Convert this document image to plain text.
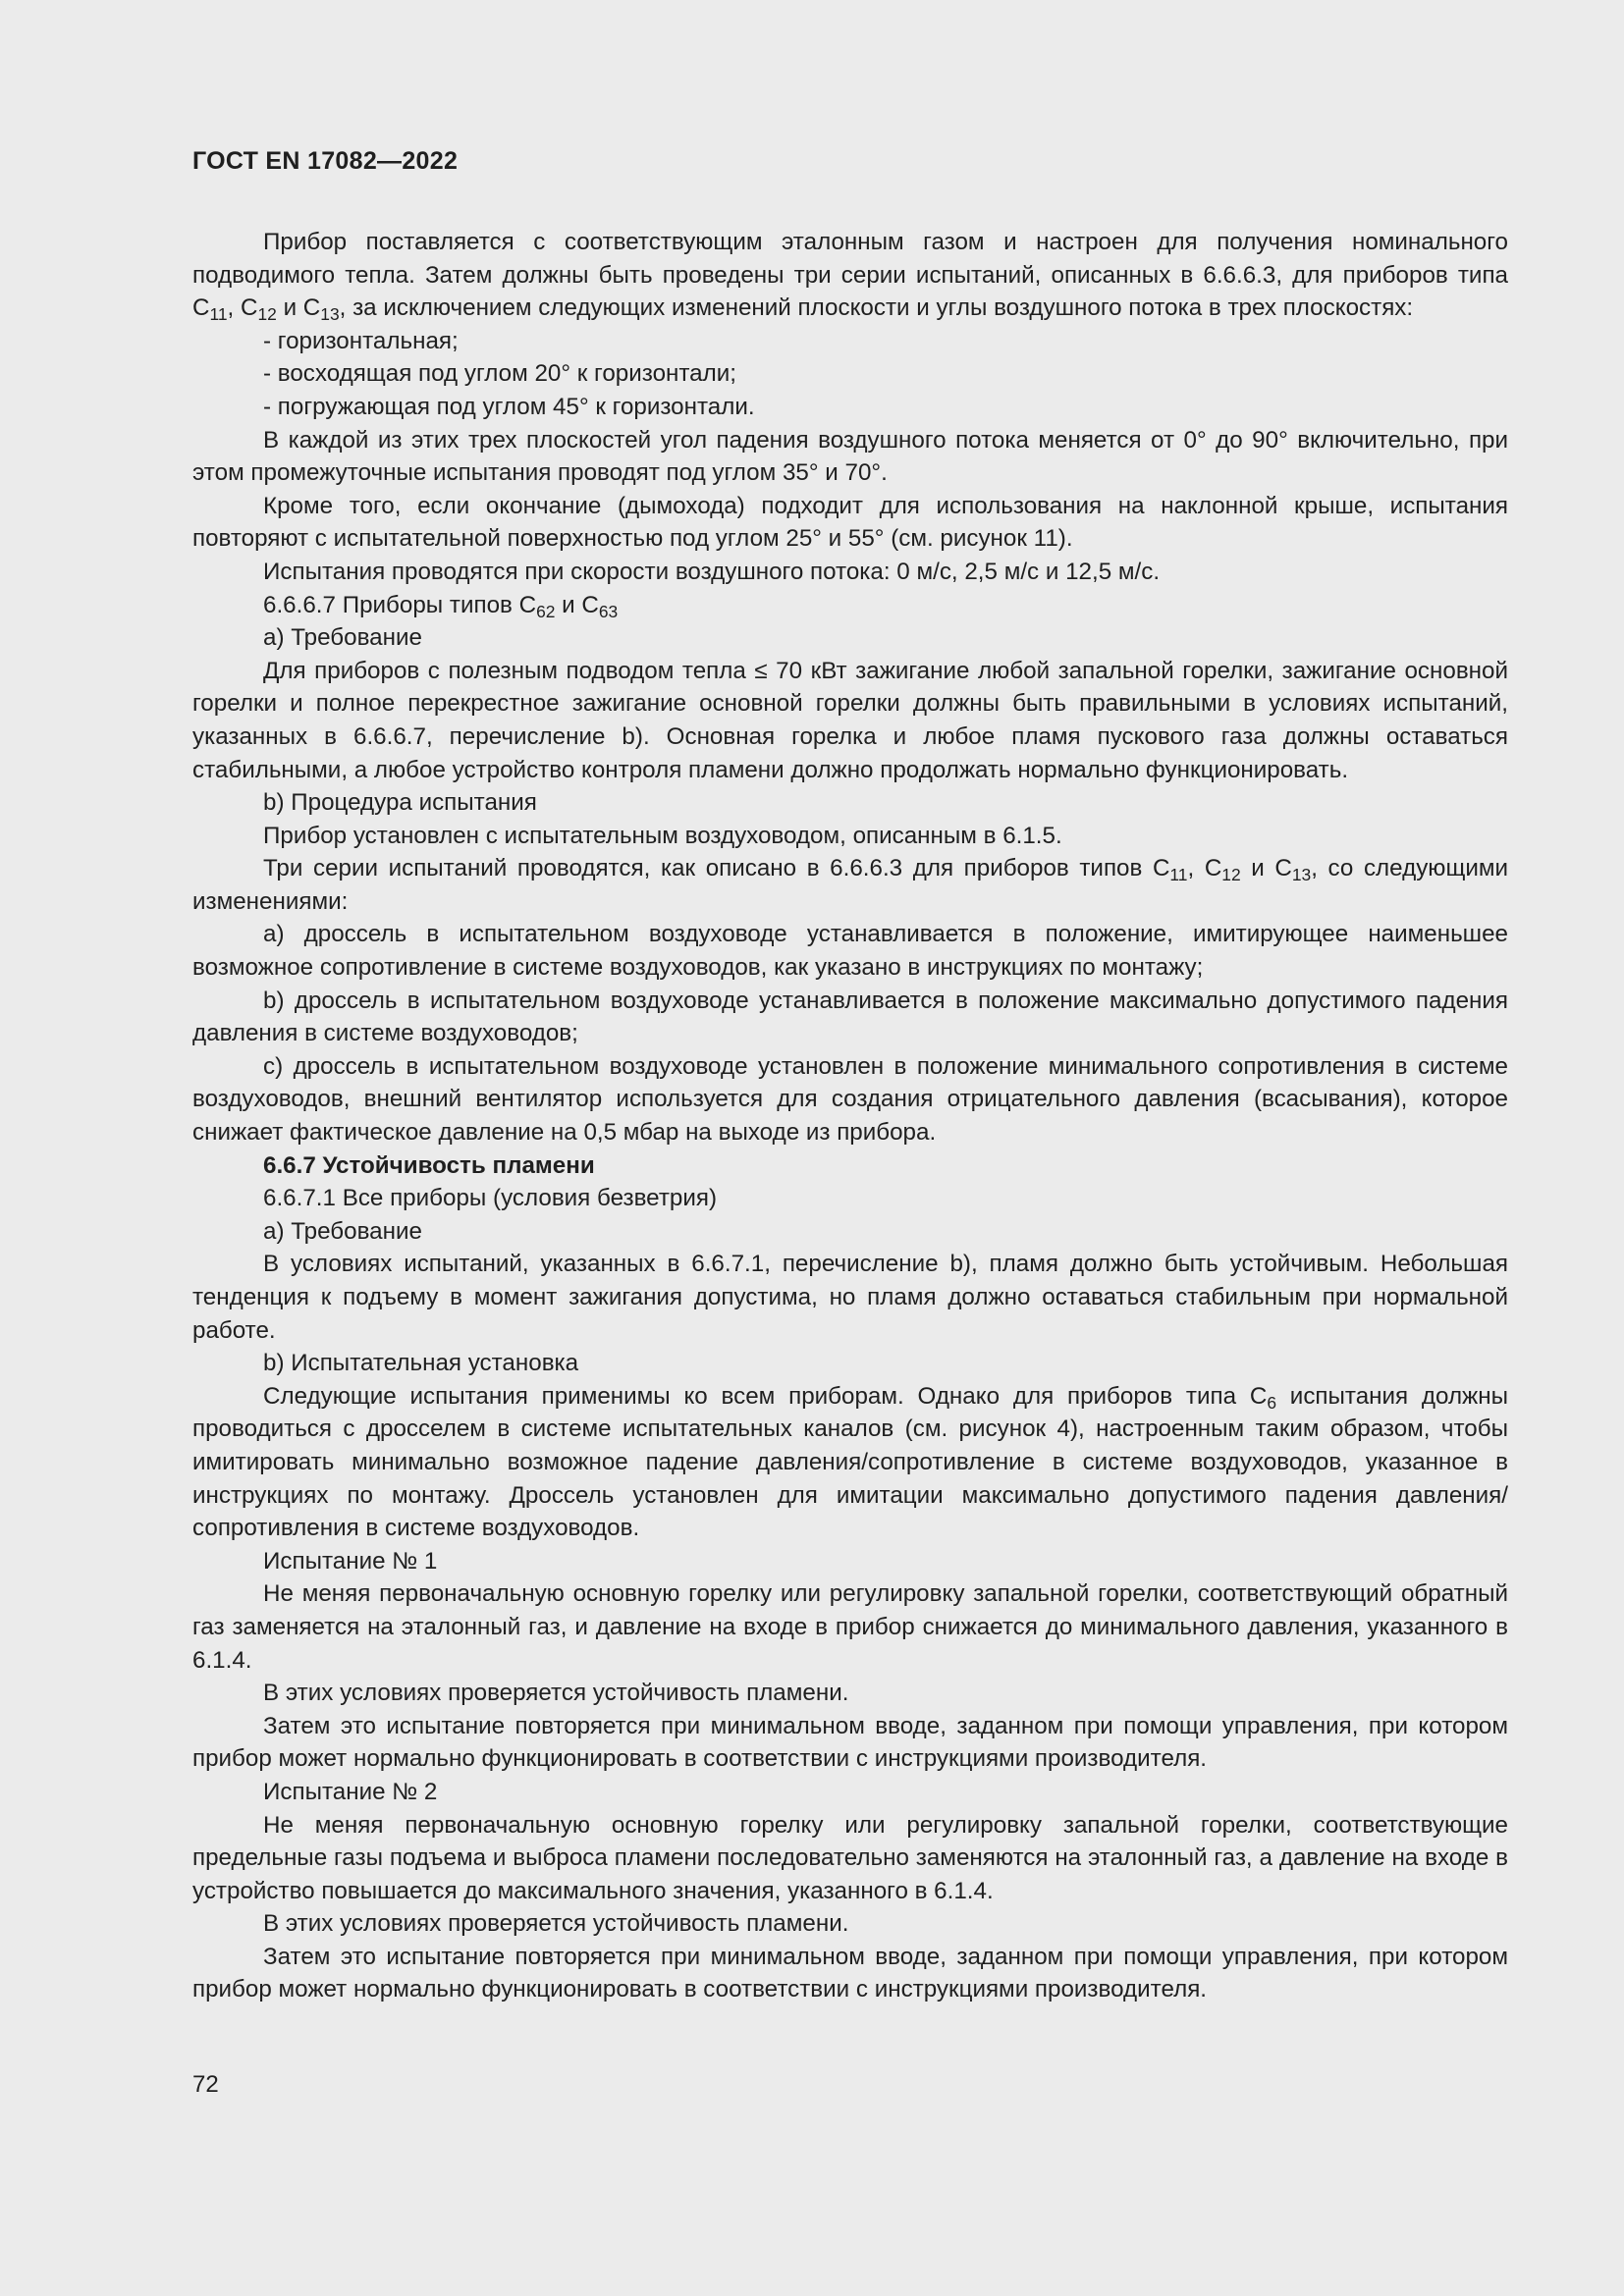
ГОСТ EN 17082—2022

Прибор поставляется с соответствующим эталонным газом и настроен для получения номинального подводимого тепла. Затем должны быть проведены три серии испытаний, описанных в 6.6.6.3, для приборов типа $C_{11}$, $C_{12}$ и $C_{13}$, за исключением следующих изменений плоскости и углы воздушного потока в трех плоскостях:

- горизонтальная;

- восходящая под углом 20° к горизонтали;

- погружающая под углом 45° к горизонтали.

В каждой из этих трех плоскостей угол падения воздушного потока меняется от 0° до 90° включительно, при этом промежуточные испытания проводят под углом 35° и 70°.

Кроме того, если окончание (дымохода) подходит для использования на наклонной крыше, испытания повторяют с испытательной поверхностью под углом 25° и 55° (см. рисунок 11).

Испытания проводятся при скорости воздушного потока: 0 м/с, 2,5 м/с и 12,5 м/с.

6.6.6.7 Приборы типов $C_{62}$ и $C_{63}$

a) Требование

Для приборов с полезным подводом тепла ≤ 70 кВт зажигание любой запальной горелки, зажигание основной горелки и полное перекрестное зажигание основной горелки должны быть правильными в условиях испытаний, указанных в 6.6.6.7, перечисление b). Основная горелка и любое пламя пускового газа должны оставаться стабильными, а любое устройство контроля пламени должно продолжать нормально функционировать.

b) Процедура испытания

Прибор установлен с испытательным воздуховодом, описанным в 6.1.5.

Три серии испытаний проводятся, как описано в 6.6.6.3 для приборов типов $C_{11}$, $C_{12}$ и $C_{13}$, со следующими изменениями:

a) дроссель в испытательном воздуховоде устанавливается в положение, имитирующее наименьшее возможное сопротивление в системе воздуховодов, как указано в инструкциях по монтажу;

b) дроссель в испытательном воздуховоде устанавливается в положение максимально допустимого падения давления в системе воздуховодов;

c) дроссель в испытательном воздуховоде установлен в положение минимального сопротивления в системе воздуховодов, внешний вентилятор используется для создания отрицательного давления (всасывания), которое снижает фактическое давление на 0,5 мбар на выходе из прибора.

6.6.7 Устойчивость пламени

6.6.7.1 Все приборы (условия безветрия)

a) Требование

В условиях испытаний, указанных в 6.6.7.1, перечисление b), пламя должно быть устойчивым. Небольшая тенденция к подъему в момент зажигания допустима, но пламя должно оставаться стабильным при нормальной работе.

b) Испытательная установка

Следующие испытания применимы ко всем приборам. Однако для приборов типа $C_6$ испытания должны проводиться с дросселем в системе испытательных каналов (см. рисунок 4), настроенным таким образом, чтобы имитировать минимально возможное падение давления/сопротивление в системе воздуховодов, указанное в инструкциях по монтажу. Дроссель установлен для имитации максимально допустимого падения давления/сопротивления в системе воздуховодов.

Испытание № 1

Не меняя первоначальную основную горелку или регулировку запальной горелки, соответствующий обратный газ заменяется на эталонный газ, и давление на входе в прибор снижается до минимального давления, указанного в 6.1.4.

В этих условиях проверяется устойчивость пламени.

Затем это испытание повторяется при минимальном вводе, заданном при помощи управления, при котором прибор может нормально функционировать в соответствии с инструкциями производителя.

Испытание № 2

Не меняя первоначальную основную горелку или регулировку запальной горелки, соответствующие предельные газы подъема и выброса пламени последовательно заменяются на эталонный газ, а давление на входе в устройство повышается до максимального значения, указанного в 6.1.4.

В этих условиях проверяется устойчивость пламени.

Затем это испытание повторяется при минимальном вводе, заданном при помощи управления, при котором прибор может нормально функционировать в соответствии с инструкциями производителя.

72
